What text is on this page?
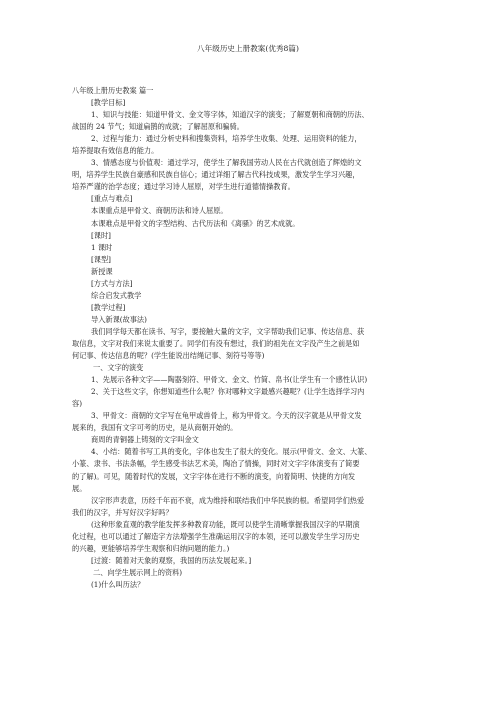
八年级历史上册教案(优秀8篇)
八年级上册历史教案 篇一
[教学目标]
1、知识与技能：知道甲骨文、金文等字体，知道汉字的演变；了解夏朝和商朝的历法、
战国的 24 节气；知道扁鹊的成就；了解屈原和骗骑。
2、过程与能力：通过分析史料和搜集资料，培养学生收集、处理、运用资料的能力，
培养提取有效信息的能力。
3、情感态度与价值观：通过学习，使学生了解我国劳动人民在古代就创造了辉煌的文
明，培养学生民族自豪感和民族自信心；通过详细了解古代科技成果，激发学生学习兴趣，
培养严谨的治学态度；通过学习诗人屈原，对学生进行道德情操教育。
[重点与难点]
本课重点是甲骨文、商朝历法和诗人屈原。
本课难点是甲骨文的字型结构、古代历法和《离骚》的艺术成就。
[课时]
1 课时
[课型]
新授课
[方式与方法]
综合启发式教学
[教学过程]
导入新课(故事法)
我们同学每天都在读书、写字，要接触大量的文字，文字帮助我们记事、传达信息、获
取信息，文字对我们来说太重要了。同学们有没有想过，我们的祖先在文字没产生之前是如
何记事、传达信息的呢？(学生能说出结绳记事、刻符号等等)
一、文字的演变
1、先展示各种文字——陶器刻符、甲骨文、金文、竹简、帛书(让学生有一个感性认识)
2、关于这些文字，你想知道些什么呢？你对哪种文字最感兴趣呢？(让学生选择学习内
容)
3、甲骨文：商朝的文字写在龟甲或兽骨上，称为甲骨文。今天的汉字就是从甲骨文发
展来的，我国有文字可考的历史，是从商朝开始的。
商周的青铜器上铸刻的文字叫金文
4、小结：随着书写工具的变化，字体也发生了很大的变化。展示(甲骨文、金文、大篆、
小篆、隶书、书法条幅，学生感受书法艺术美，陶冶了情操，同时对文字字体演变有了简要
的了解)。可见，随着时代的发展，文字字体在进行不断的演变，向着简明、快捷的方向发
展。
汉字形声表意，历经千年而不衰，成为维持和联结我们中华民族的根。希望同学们热爱
我们的汉字，并写好汉字好吗？
(这种形象直观的教学能发挥多种教育功能，既可以使学生清晰掌握我国汉字的早期演
化过程，也可以通过了解造字方法增强学生准确运用汉字的本领，还可以激发学生学习历史
的兴趣，更能够培养学生观察和归纳问题的能力。)
[过渡：随着对天象的观察，我国的历法发展起来。]
二、向学生展示网上的资料)
(1)什么叫历法？
